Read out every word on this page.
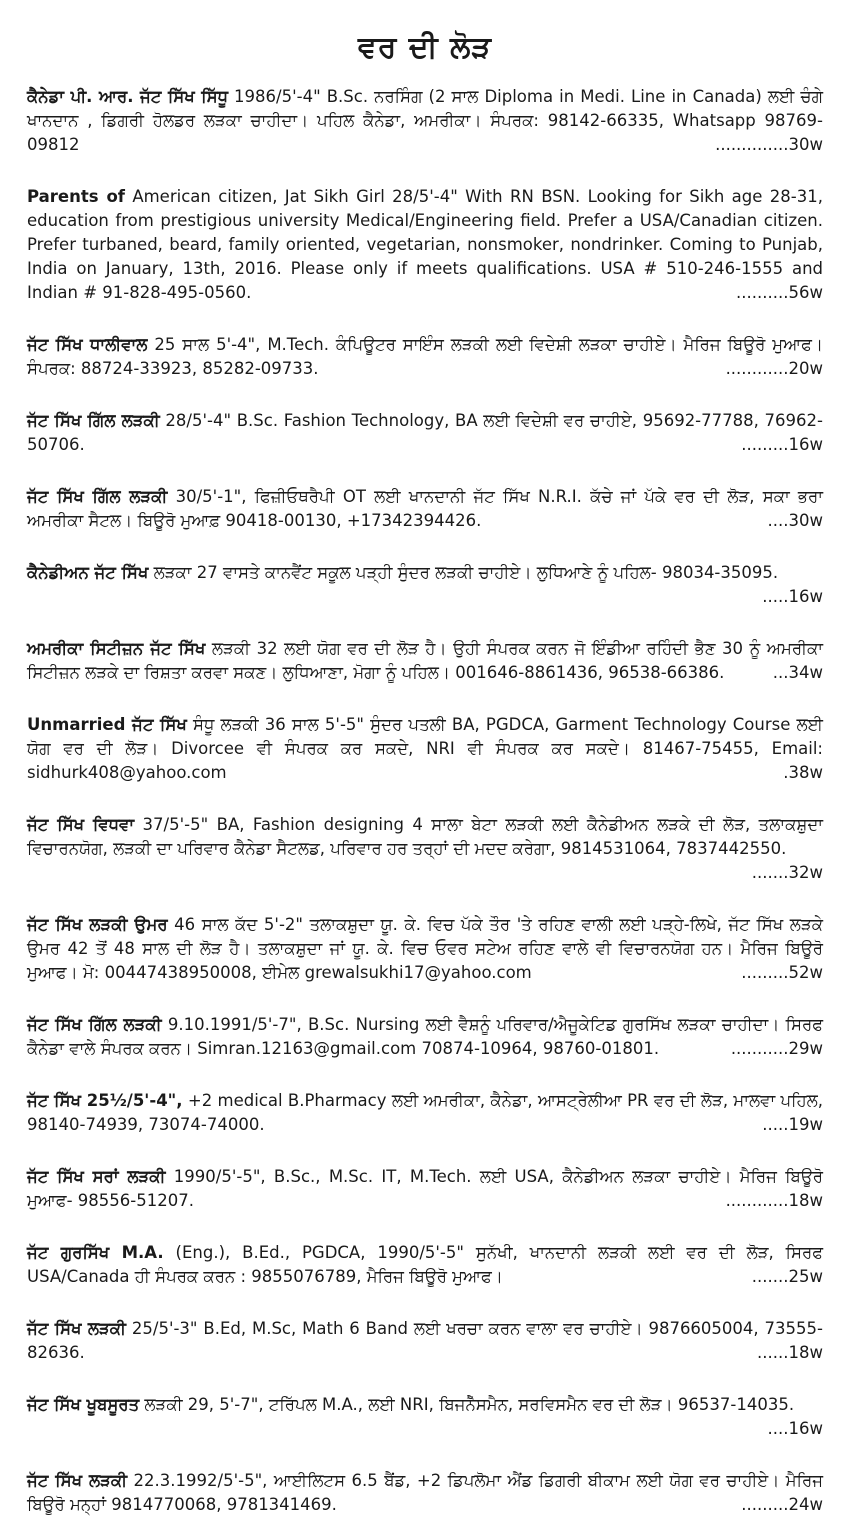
ਵਰ ਦੀ ਲੋੜ

ਕੈਨੇਡਾ ਪੀ. ਆਰ. ਜੱਟ ਸਿੱਖ ਸਿੱਧੂ 1986/5'-4" B.Sc. ਨਰਸਿੰਗ (2 ਸਾਲ Diploma in Medi. Line in Canada) ਲਈ ਚੰਗੇ ਖਾਨਦਾਨ , ਡਿਗਰੀ ਹੋਲਡਰ ਲੜਕਾ ਚਾਹੀਦਾ। ਪਹਿਲ ਕੈਨੇਡਾ, ਅਮਰੀਕਾ। ਸੰਪਰਕ: 98142-66335, Whatsapp 98769-09812	..............30w

Parents of American citizen, Jat Sikh Girl 28/5'-4" With RN BSN. Looking for Sikh age 28-31, education from prestigious university Medical/Engineering field. Prefer a USA/Canadian citizen. Prefer turbaned, beard, family oriented, vegetarian, nonsmoker, nondrinker. Coming to Punjab, India on January, 13th, 2016. Please only if meets qualifications. USA # 510-246-1555 and Indian # 91-828-495-0560.	..........56w

ਜੱਟ ਸਿੱਖ ਧਾਲੀਵਾਲ 25 ਸਾਲ 5'-4", M.Tech. ਕੰਪਿਊਟਰ ਸਾਇੰਸ ਲੜਕੀ ਲਈ ਵਿਦੇਸ਼ੀ ਲੜਕਾ ਚਾਹੀਏ। ਮੈਰਿਜ ਬਿਊਰੋ ਮੁਆਫ। ਸੰਪਰਕ: 88724-33923, 85282-09733.	............20w

ਜੱਟ ਸਿੱਖ ਗਿੱਲ ਲੜਕੀ 28/5'-4" B.Sc. Fashion Technology, BA ਲਈ ਵਿਦੇਸ਼ੀ ਵਰ ਚਾਹੀਏ, 95692-77788, 76962-50706.	.........16w

ਜੱਟ ਸਿੱਖ ਗਿੱਲ ਲੜਕੀ 30/5'-1", ਫਿਜ਼ੀਓਥਰੈਪੀ OT ਲਈ ਖਾਨਦਾਨੀ ਜੱਟ ਸਿੱਖ N.R.I. ਕੱਚੇ ਜਾਂ ਪੱਕੇ ਵਰ ਦੀ ਲੋੜ, ਸਕਾ ਭਰਾ ਅਮਰੀਕਾ ਸੈਟਲ। ਬਿਊਰੋ ਮੁਆਫ਼ 90418-00130, +17342394426.	....30w

ਕੈਨੇਡੀਅਨ ਜੱਟ ਸਿੱਖ ਲੜਕਾ 27 ਵਾਸਤੇ ਕਾਨਵੈਂਟ ਸਕੂਲ ਪੜ੍ਹੀ ਸੁੰਦਰ ਲੜਕੀ ਚਾਹੀਏ। ਲੁਧਿਆਣੇ ਨੂੰ ਪਹਿਲ- 98034-35095.
.....16w

ਅਮਰੀਕਾ ਸਿਟੀਜ਼ਨ ਜੱਟ ਸਿੱਖ ਲੜਕੀ 32 ਲਈ ਯੋਗ ਵਰ ਦੀ ਲੋੜ ਹੈ। ਉਹੀ ਸੰਪਰਕ ਕਰਨ ਜੋ ਇੰਡੀਆ ਰਹਿੰਦੀ ਭੈਣ 30 ਨੂੰ ਅਮਰੀਕਾ ਸਿਟੀਜ਼ਨ ਲੜਕੇ ਦਾ ਰਿਸ਼ਤਾ ਕਰਵਾ ਸਕਣ। ਲੁਧਿਆਣਾ, ਮੋਗਾ ਨੂੰ ਪਹਿਲ। 001646-8861436, 96538-66386.	...34w

Unmarried ਜੱਟ ਸਿੱਖ ਸੰਧੂ ਲੜਕੀ 36 ਸਾਲ 5'-5" ਸੁੰਦਰ ਪਤਲੀ BA, PGDCA, Garment Technology Course ਲਈ ਯੋਗ ਵਰ ਦੀ ਲੋੜ। Divorcee ਵੀ ਸੰਪਰਕ ਕਰ ਸਕਦੇ, NRI ਵੀ ਸੰਪਰਕ ਕਰ ਸਕਦੇ। 81467-75455, Email: sidhurk408@yahoo.com	.38w

ਜੱਟ ਸਿੱਖ ਵਿਧਵਾ 37/5'-5" BA, Fashion designing 4 ਸਾਲਾ ਬੇਟਾ ਲੜਕੀ ਲਈ ਕੈਨੇਡੀਅਨ ਲੜਕੇ ਦੀ ਲੋੜ, ਤਲਾਕਸ਼ੁਦਾ ਵਿਚਾਰਨਯੋਗ, ਲੜਕੀ ਦਾ ਪਰਿਵਾਰ ਕੈਨੇਡਾ ਸੈਟਲਡ, ਪਰਿਵਾਰ ਹਰ ਤਰ੍ਹਾਂ ਦੀ ਮਦਦ ਕਰੇਗਾ, 9814531064, 7837442550.
.......32w

ਜੱਟ ਸਿੱਖ ਲੜਕੀ ਉਮਰ 46 ਸਾਲ ਕੱਦ 5'-2" ਤਲਾਕਸ਼ੁਦਾ ਯੂ. ਕੇ. ਵਿਚ ਪੱਕੇ ਤੌਰ 'ਤੇ ਰਹਿਣ ਵਾਲੀ ਲਈ ਪੜ੍ਹੇ-ਲਿਖੇ, ਜੱਟ ਸਿੱਖ ਲੜਕੇ ਉਮਰ 42 ਤੋਂ 48 ਸਾਲ ਦੀ ਲੋੜ ਹੈ। ਤਲਾਕਸ਼ੁਦਾ ਜਾਂ ਯੂ. ਕੇ. ਵਿਚ ਓਵਰ ਸਟੇਅ ਰਹਿਣ ਵਾਲੇ ਵੀ ਵਿਚਾਰਨਯੋਗ ਹਨ। ਮੈਰਿਜ ਬਿਊਰੋ ਮੁਆਫ। ਮੋ: 00447438950008, ਈਮੇਲ grewalsukhi17@yahoo.com	.........52w

ਜੱਟ ਸਿੱਖ ਗਿੱਲ ਲੜਕੀ 9.10.1991/5'-7", B.Sc. Nursing ਲਈ ਵੈਸ਼ਨੂੰ ਪਰਿਵਾਰ/ਐਜੂਕੇਟਿਡ ਗੁਰਸਿੱਖ ਲੜਕਾ ਚਾਹੀਦਾ। ਸਿਰਫ ਕੈਨੇਡਾ ਵਾਲੇ ਸੰਪਰਕ ਕਰਨ। Simran.12163@gmail.com 70874-10964, 98760-01801.	...........29w

ਜੱਟ ਸਿੱਖ 25½/5'-4", +2 medical B.Pharmacy ਲਈ ਅਮਰੀਕਾ, ਕੈਨੇਡਾ, ਆਸਟ੍ਰੇਲੀਆ PR ਵਰ ਦੀ ਲੋੜ, ਮਾਲਵਾ ਪਹਿਲ, 98140-74939, 73074-74000.	.....19w

ਜੱਟ ਸਿੱਖ ਸਰਾਂ ਲੜਕੀ 1990/5'-5", B.Sc., M.Sc. IT, M.Tech. ਲਈ USA, ਕੈਨੇਡੀਅਨ ਲੜਕਾ ਚਾਹੀਏ। ਮੈਰਿਜ ਬਿਊਰੋ ਮੁਆਫ- 98556-51207.	............18w

ਜੱਟ ਗੁਰਸਿੱਖ M.A. (Eng.), B.Ed., PGDCA, 1990/5'-5" ਸੁਨੱਖੀ, ਖਾਨਦਾਨੀ ਲੜਕੀ ਲਈ ਵਰ ਦੀ ਲੋੜ, ਸਿਰਫ USA/Canada ਹੀ ਸੰਪਰਕ ਕਰਨ : 9855076789, ਮੈਰਿਜ ਬਿਊਰੋ ਮੁਆਫ।	.......25w

ਜੱਟ ਸਿੱਖ ਲੜਕੀ 25/5'-3" B.Ed, M.Sc, Math 6 Band ਲਈ ਖਰਚਾ ਕਰਨ ਵਾਲਾ ਵਰ ਚਾਹੀਏ। 9876605004, 73555-82636.	......18w

ਜੱਟ ਸਿੱਖ ਖੂਬਸੂਰਤ ਲੜਕੀ 29, 5'-7", ਟਰਿੱਪਲ M.A., ਲਈ NRI, ਬਿਜਨੈੱਸਮੈਨ, ਸਰਵਿਸਮੈਨ ਵਰ ਦੀ ਲੋੜ। 96537-14035.
....16w

ਜੱਟ ਸਿੱਖ ਲੜਕੀ 22.3.1992/5'-5", ਆਈਲਿਟਸ 6.5 ਬੈਂਡ, +2 ਡਿਪਲੋਮਾ ਐਂਡ ਡਿਗਰੀ ਬੀਕਾਮ ਲਈ ਯੋਗ ਵਰ ਚਾਹੀਏ। ਮੈਰਿਜ ਬਿਊਰੋ ਮਨ੍ਹਾਂ 9814770068, 9781341469.	.........24w
